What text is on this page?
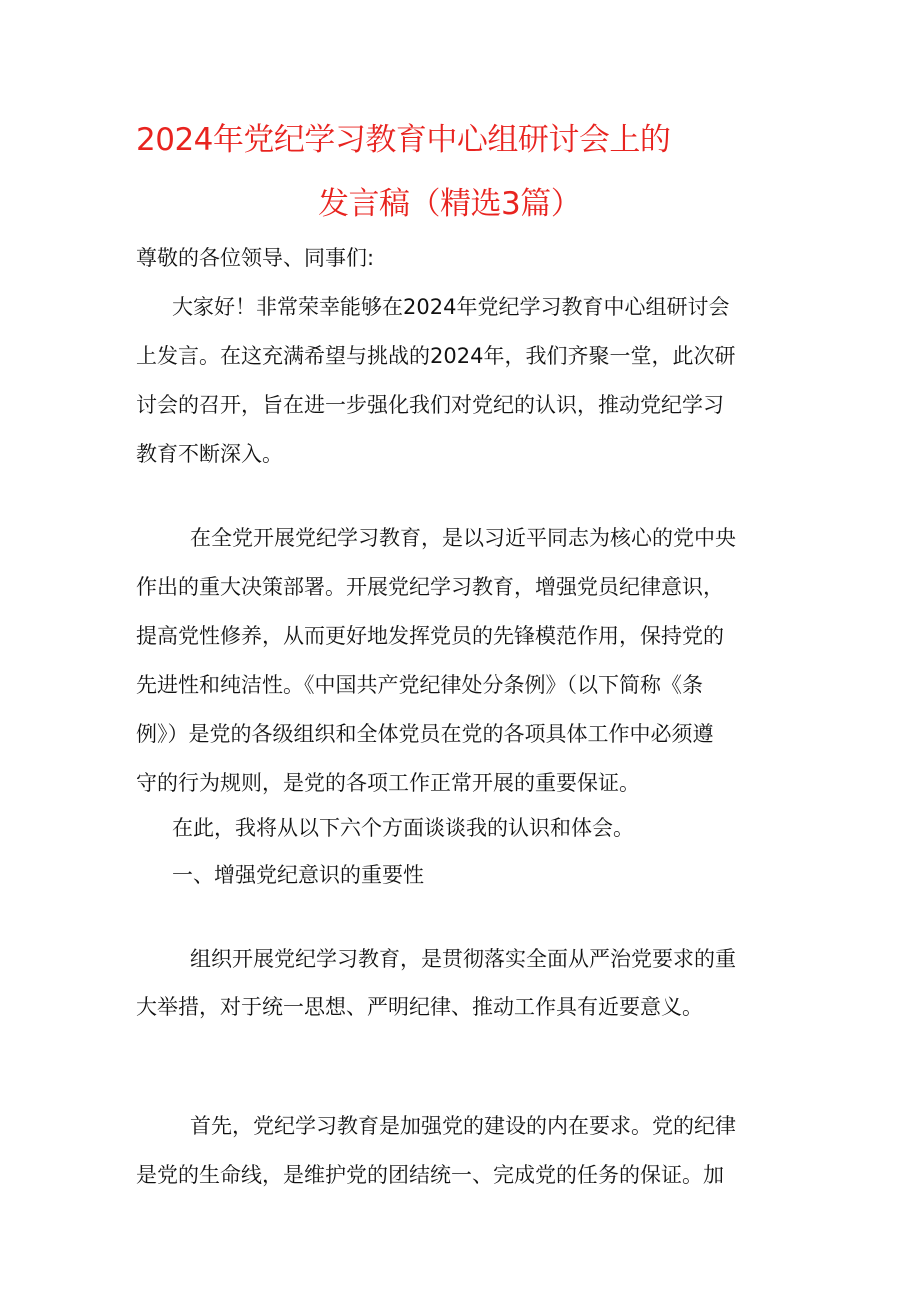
2024年党纪学习教育中心组研讨会上的
发言稿（精选3篇）
尊敬的各位领导、同事们:
大家好！非常荣幸能够在2024年党纪学习教育中心组研讨会
上发言。在这充满希望与挑战的2024年，我们齐聚一堂，此次研
讨会的召开，旨在进一步强化我们对党纪的认识，推动党纪学习
教育不断深入。
在全党开展党纪学习教育，是以习近平同志为核心的党中央
作出的重大决策部署。开展党纪学习教育，增强党员纪律意识，
提高党性修养，从而更好地发挥党员的先锋模范作用，保持党的
先进性和纯洁性。《中国共产党纪律处分条例》（以下简称《条
例》）是党的各级组织和全体党员在党的各项具体工作中必须遵
守的行为规则，是党的各项工作正常开展的重要保证。
在此，我将从以下六个方面谈谈我的认识和体会。
一、增强党纪意识的重要性
组织开展党纪学习教育，是贯彻落实全面从严治党要求的重
大举措，对于统一思想、严明纪律、推动工作具有近要意义。
首先，党纪学习教育是加强党的建设的内在要求。党的纪律
是党的生命线，是维护党的团结统一、完成党的任务的保证。加
